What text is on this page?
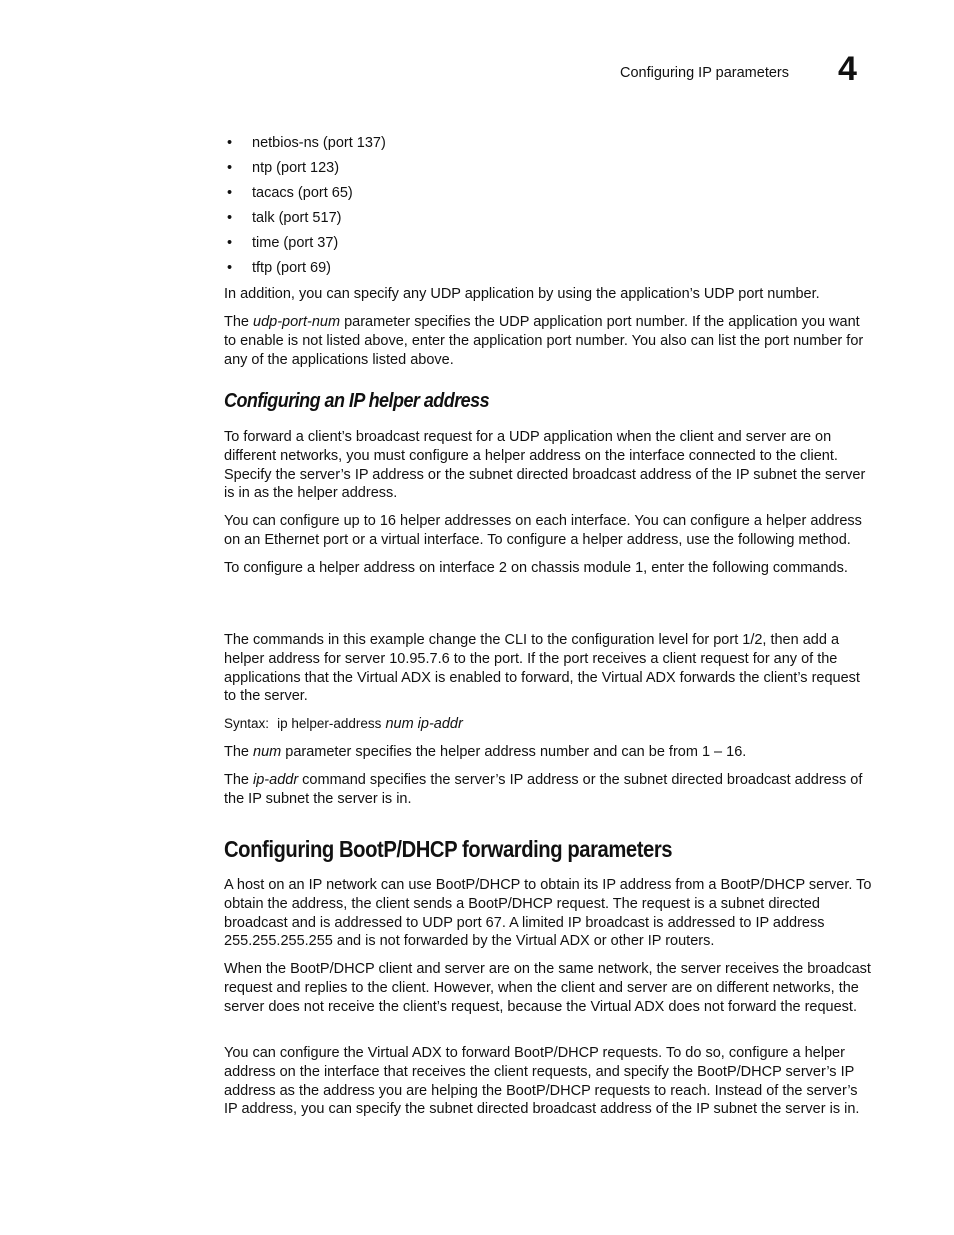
Configuring IP parameters 4
• netbios-ns (port 137)
• ntp (port 123)
• tacacs (port 65)
• talk (port 517)
• time (port 37)
• tftp (port 69)

In addition, you can specify any UDP application by using the application’s UDP port number.

The udp-port-num parameter specifies the UDP application port number. If the application you want to enable is not listed above, enter the application port number. You also can list the port number for any of the applications listed above.

Configuring an IP helper address

To forward a client’s broadcast request for a UDP application when the client and server are on different networks, you must configure a helper address on the interface connected to the client. Specify the server’s IP address or the subnet directed broadcast address of the IP subnet the server is in as the helper address.

You can configure up to 16 helper addresses on each interface. You can configure a helper address on an Ethernet port or a virtual interface. To configure a helper address, use the following method.

To configure a helper address on interface 2 on chassis module 1, enter the following commands.

The commands in this example change the CLI to the configuration level for port 1/2, then add a helper address for server 10.95.7.6 to the port. If the port receives a client request for any of the applications that the Virtual ADX is enabled to forward, the Virtual ADX forwards the client’s request to the server.

Syntax: ip helper-address num ip-addr

The num parameter specifies the helper address number and can be from 1 – 16.

The ip-addr command specifies the server’s IP address or the subnet directed broadcast address of the IP subnet the server is in.

Configuring BootP/DHCP forwarding parameters

A host on an IP network can use BootP/DHCP to obtain its IP address from a BootP/DHCP server. To obtain the address, the client sends a BootP/DHCP request. The request is a subnet directed broadcast and is addressed to UDP port 67. A limited IP broadcast is addressed to IP address 255.255.255.255 and is not forwarded by the Virtual ADX or other IP routers.

When the BootP/DHCP client and server are on the same network, the server receives the broadcast request and replies to the client. However, when the client and server are on different networks, the server does not receive the client’s request, because the Virtual ADX does not forward the request.

You can configure the Virtual ADX to forward BootP/DHCP requests. To do so, configure a helper address on the interface that receives the client requests, and specify the BootP/DHCP server’s IP address as the address you are helping the BootP/DHCP requests to reach. Instead of the server’s IP address, you can specify the subnet directed broadcast address of the IP subnet the server is in.
